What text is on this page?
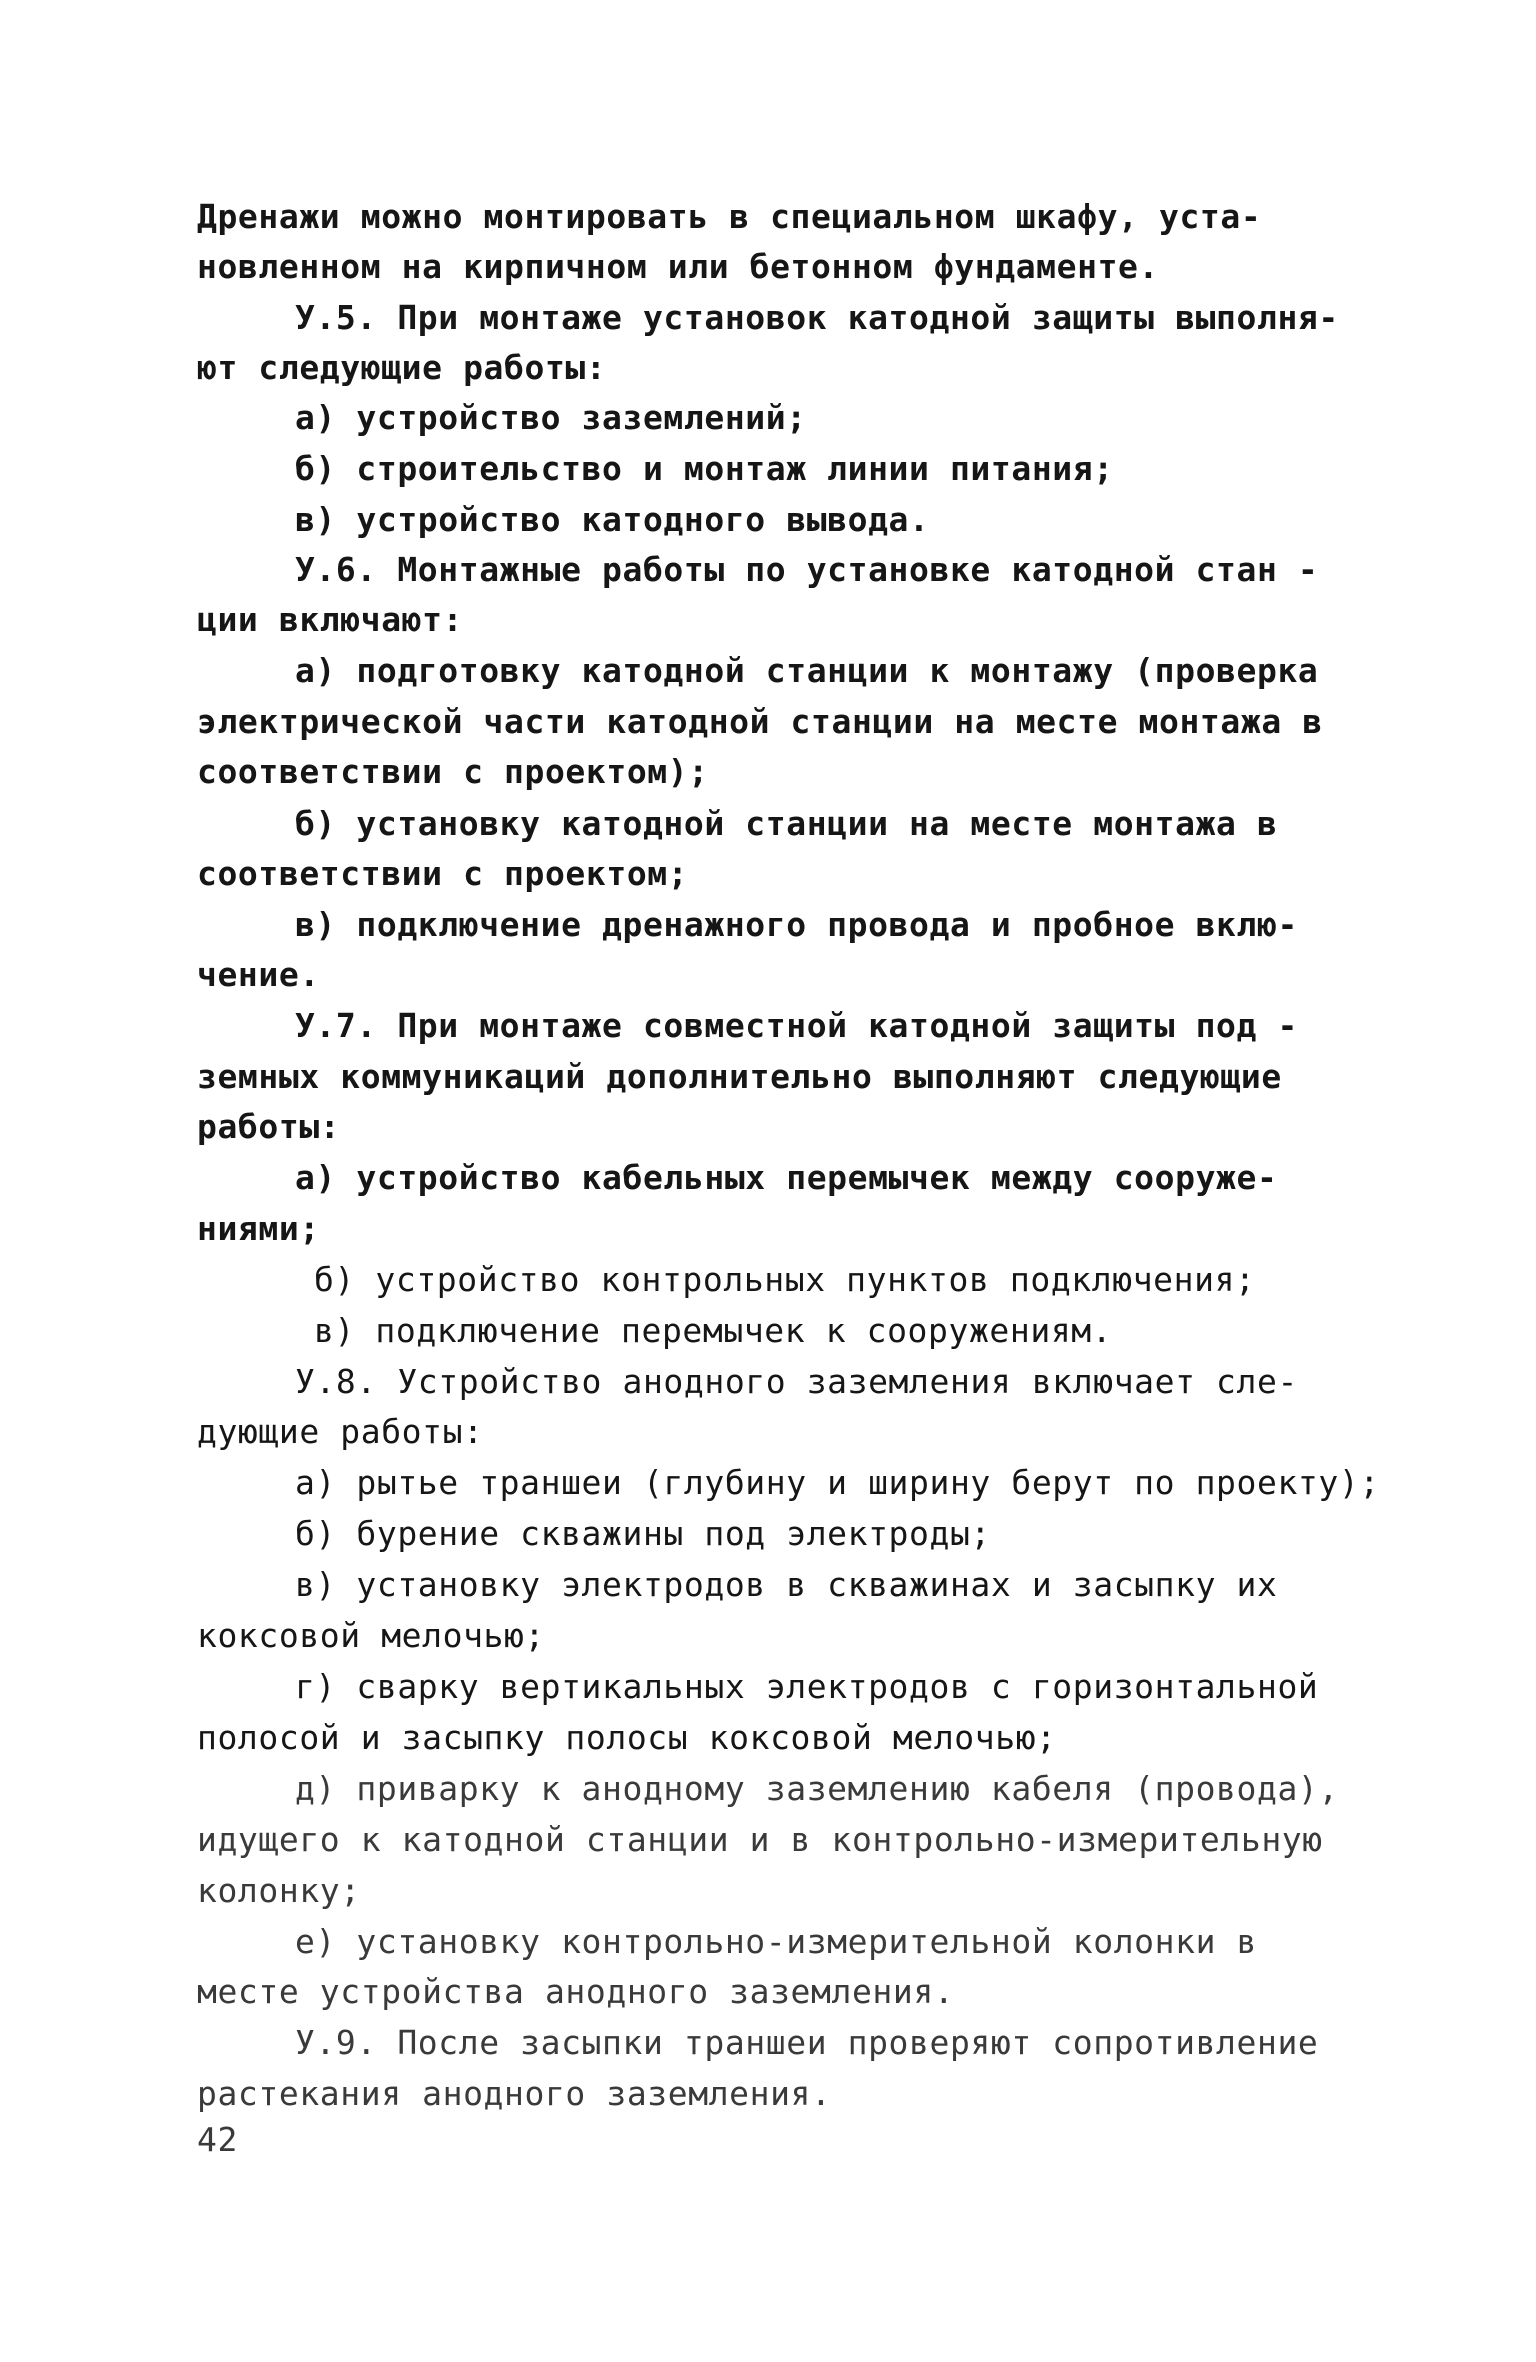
Дренажи можно монтировать в специальном шкафу, уста-
новленном на кирпичном или бетонном фундаменте.
У.5. При монтаже установок катодной защиты выполня-
ют следующие работы:
а) устройство заземлений;
б) строительство и монтаж линии питания;
в) устройство катодного вывода.
У.6. Монтажные работы по установке катодной стан -
ции включают:
а) подготовку катодной станции к монтажу (проверка
электрической части катодной станции на месте монтажа в
соответствии с проектом);
б) установку катодной станции на месте монтажа в
соответствии с проектом;
в) подключение дренажного провода и пробное вклю-
чение.
У.7. При монтаже совместной катодной защиты под -
земных коммуникаций дополнительно выполняют следующие
работы:
а) устройство кабельных перемычек между сооруже-
ниями;
б) устройство контрольных пунктов подключения;
в) подключение перемычек к сооружениям.
У.8. Устройство анодного заземления включает сле-
дующие работы:
а) рытье траншеи (глубину и ширину берут по проекту);
б) бурение скважины под электроды;
в) установку электродов в скважинах и засыпку их
коксовой мелочью;
г) сварку вертикальных электродов с горизонтальной
полосой и засыпку полосы коксовой мелочью;
д) приварку к анодному заземлению кабеля (провода),
идущего к катодной станции и в контрольно-измерительную
колонку;
е) установку контрольно-измерительной колонки в
месте устройства анодного заземления.
У.9. После засыпки траншеи проверяют сопротивление
растекания анодного заземления.
42
